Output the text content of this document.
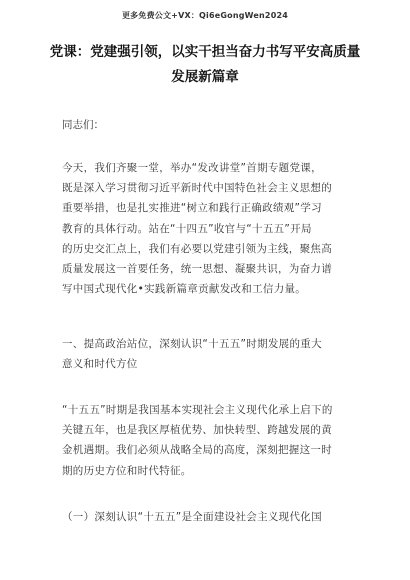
更多免费公文+VX：Qi6eGongWen2024
党课：党建强引领，以实干担当奋力书写平安高质量
发展新篇章
同志们：
今天，我们齐聚一堂，举办“发改讲堂”首期专题党课，
既是深入学习贯彻习近平新时代中国特色社会主义思想的
重要举措，也是扎实推进“树立和践行正确政绩观”学习
教育的具体行动。站在“十四五”收官与“十五五”开局
的历史交汇点上，我们有必要以党建引领为主线，聚焦高
质量发展这一首要任务，统一思想、凝聚共识，为奋力谱
写中国式现代化•实践新篇章贡献发改和工信力量。
一、提高政治站位，深刻认识“十五五”时期发展的重大
意义和时代方位
“十五五”时期是我国基本实现社会主义现代化承上启下的
关键五年，也是我区厚植优势、加快转型、跨越发展的黄
金机遇期。我们必须从战略全局的高度，深刻把握这一时
期的历史方位和时代特征。
（一）深刻认识“十五五”是全面建设社会主义现代化国
